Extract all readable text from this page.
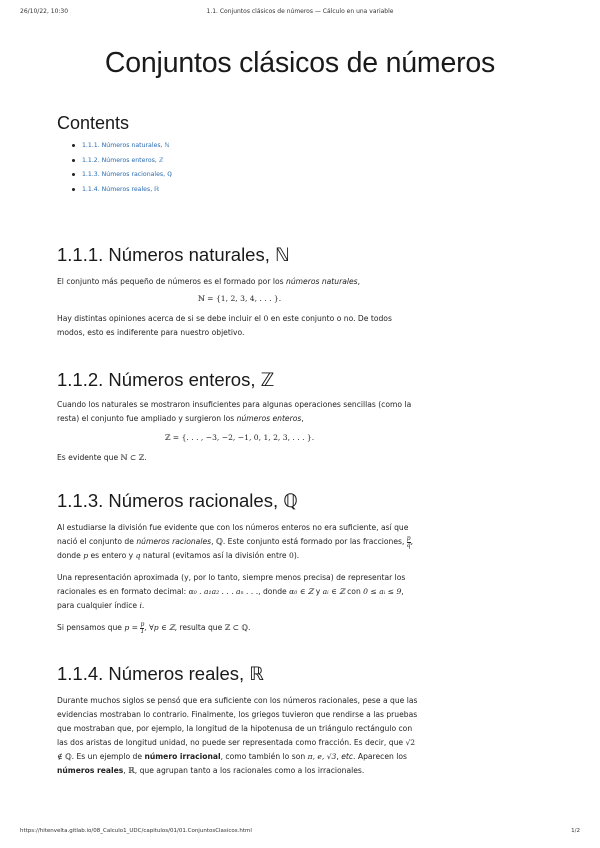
26/10/22, 10:30	1.1. Conjuntos clásicos de números — Cálculo en una variable
Conjuntos clásicos de números
Contents
1.1.1. Números naturales, ℕ
1.1.2. Números enteros, ℤ
1.1.3. Números racionales, ℚ
1.1.4. Números reales, ℝ
1.1.1. Números naturales, ℕ

El conjunto más pequeño de números es el formado por los números naturales,

ℕ = {1, 2, 3, 4, . . . }.

Hay distintas opiniones acerca de si se debe incluir el 0 en este conjunto o no. De todos modos, esto es indiferente para nuestro objetivo.

1.1.2. Números enteros, ℤ

Cuando los naturales se mostraron insuficientes para algunas operaciones sencillas (como la resta) el conjunto fue ampliado y surgieron los números enteros,

ℤ = {. . . , −3, −2, −1, 0, 1, 2, 3, . . . }.

Es evidente que ℕ ⊂ ℤ.

1.1.3. Números racionales, ℚ

Al estudiarse la división fue evidente que con los números enteros no era suficiente, así que nació el conjunto de números racionales, ℚ. Este conjunto está formado por las fracciones, $\frac{p}{q}$ , donde p es entero y q natural (evitamos así la división entre 0).

Una representación aproximada (y, por lo tanto, siempre menos precisa) de representar los racionales es en formato decimal: α₀ . a₁a₂ . . . aₙ . . ., donde α₀ ∈ ℤ y aᵢ ∈ ℤ con 0 ≤ aᵢ ≤ 9, para cualquier índice i.

Si pensamos que $p = \frac{p}{1}$ , ∀p ∈ ℤ, resulta que ℤ ⊂ ℚ.

1.1.4. Números reales, ℝ

Durante muchos siglos se pensó que era suficiente con los números racionales, pese a que las evidencias mostraban lo contrario. Finalmente, los griegos tuvieron que rendirse a las pruebas que mostraban que, por ejemplo, la longitud de la hipotenusa de un triángulo rectángulo con las dos aristas de longitud unidad, no puede ser representada como fracción. Es decir, que √2 ∉ ℚ. Es un ejemplo de número irracional, como también lo son π, e, √3, etc. Aparecen los números reales, ℝ, que agrupan tanto a los racionales como a los irracionales.

https://hitenvelta.gitlab.io/08_Calculo1_UDC/capitulos/01/01.ConjuntosClasicos.html	1/2
